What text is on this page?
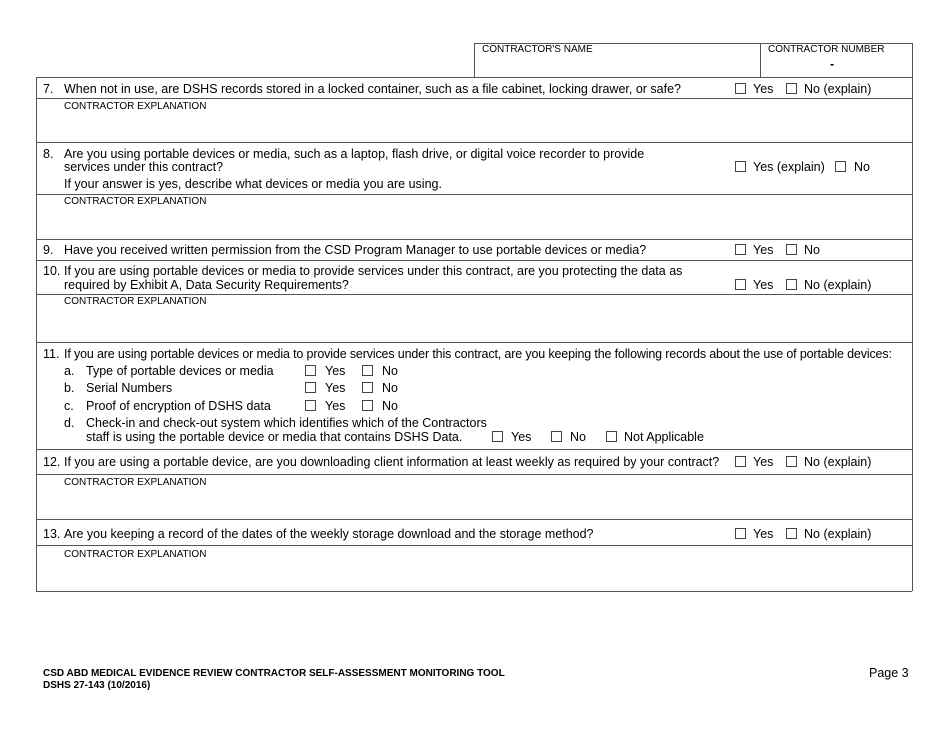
CONTRACTOR'S NAME	CONTRACTOR NUMBER
-
7. When not in use, are DSHS records stored in a locked container, such as a file cabinet, locking drawer, or safe?	Yes No (explain)
CONTRACTOR EXPLANATION
8. Are you using portable devices or media, such as a laptop, flash drive, or digital voice recorder to provide
services under this contract?
If your answer is yes, describe what devices or media you are using.
Yes (explain) No
CONTRACTOR EXPLANATION
9. Have you received written permission from the CSD Program Manager to use portable devices or media?	Yes No
10. If you are using portable devices or media to provide services under this contract, are you protecting the data as
required by Exhibit A, Data Security Requirements?	Yes No (explain)
CONTRACTOR EXPLANATION
11. If you are using portable devices or media to provide services under this contract, are you keeping the following records about the use of portable devices:
a. Type of portable devices or media	Yes	No
b. Serial Numbers	Yes	No
c. Proof of encryption of DSHS data	Yes	No
d. Check-in and check-out system which identifies which of the Contractors
staff is using the portable device or media that contains DSHS Data.	Yes	No	Not Applicable
12. If you are using a portable device, are you downloading client information at least weekly as required by your contract?	Yes No (explain)
CONTRACTOR EXPLANATION
13. Are you keeping a record of the dates of the weekly storage download and the storage method?	Yes No (explain)
CONTRACTOR EXPLANATION
CSD ABD MEDICAL EVIDENCE REVIEW CONTRACTOR SELF-ASSESSMENT MONITORING TOOL
DSHS 27-143 (10/2016)
Page 3
